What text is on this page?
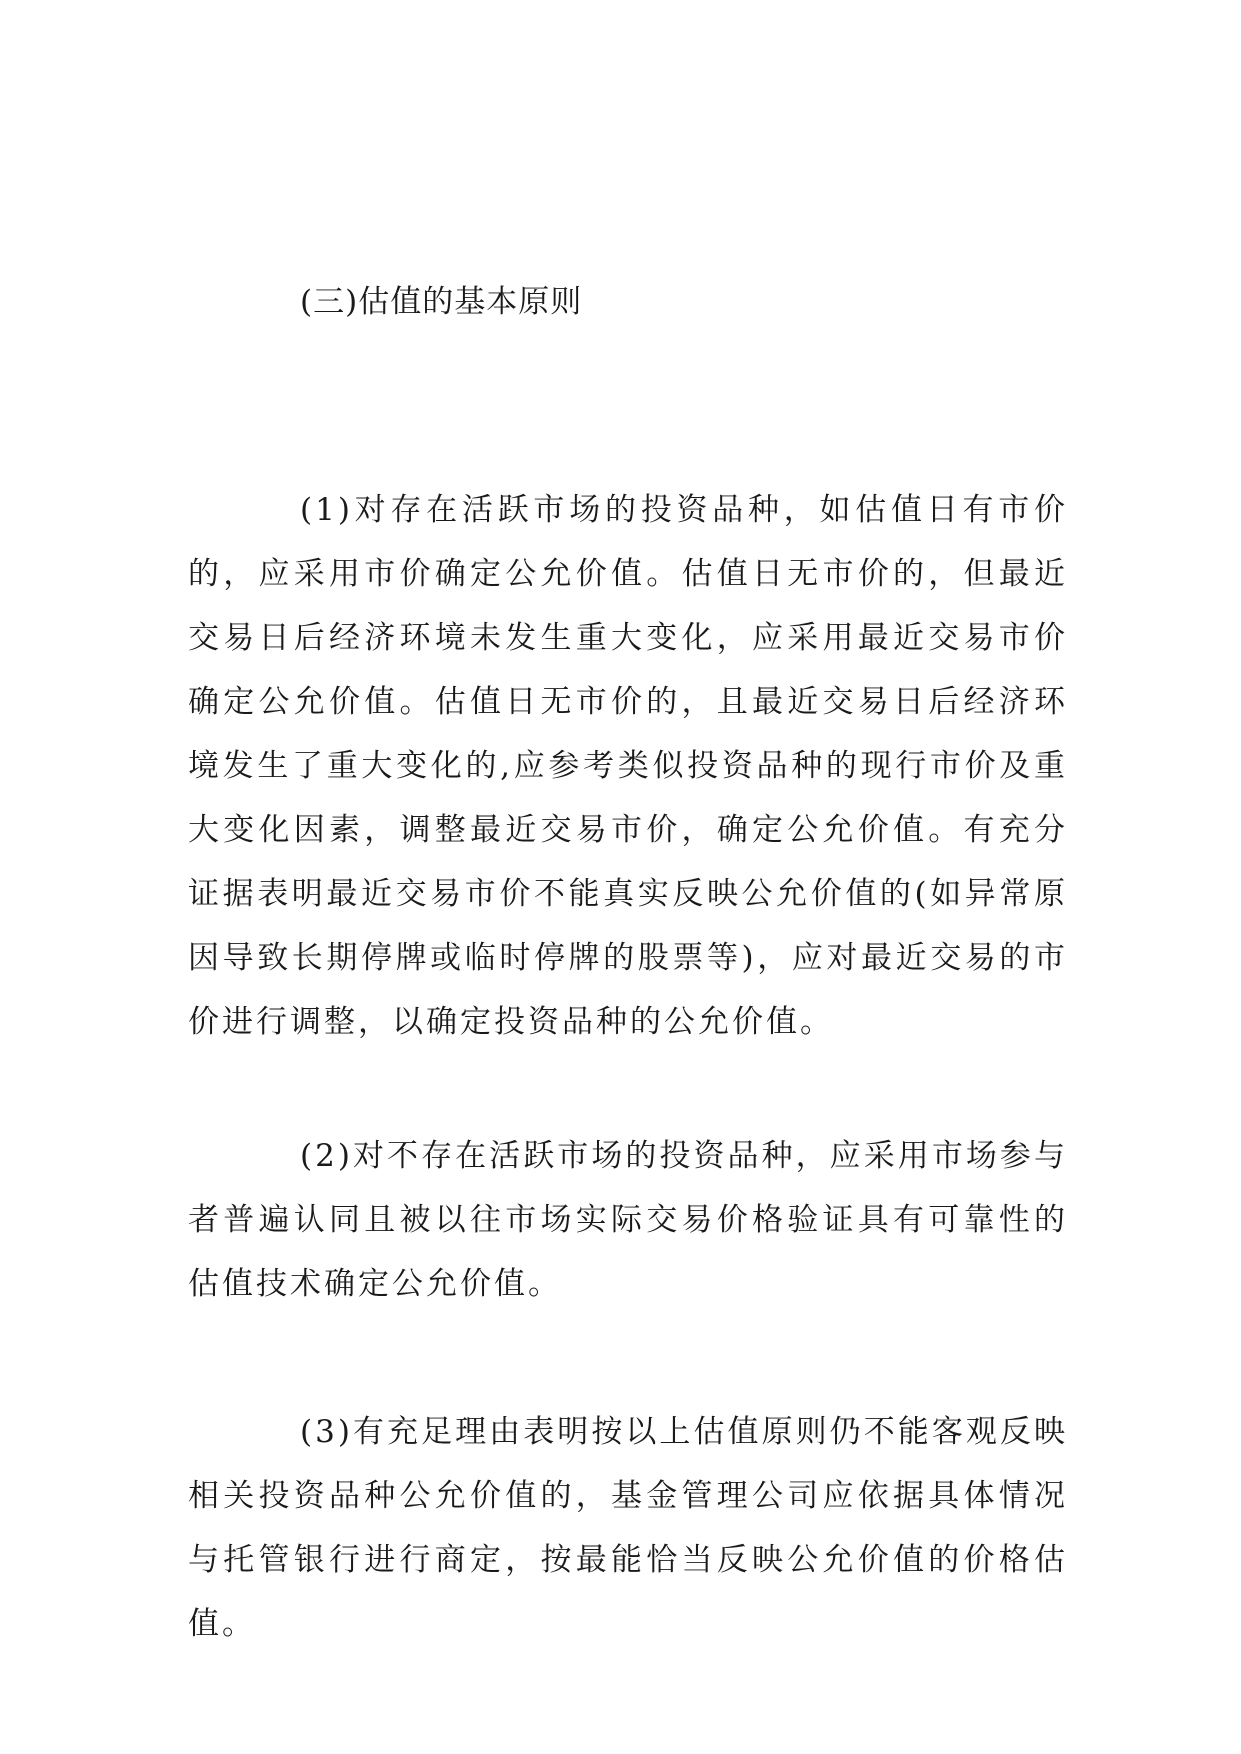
(三)估值的基本原则

(1)对存在活跃市场的投资品种，如估值日有市价的，应采用市价确定公允价值。估值日无市价的，但最近交易日后经济环境未发生重大变化，应采用最近交易市价确定公允价值。估值日无市价的，且最近交易日后经济环境发生了重大变化的,应参考类似投资品种的现行市价及重大变化因素，调整最近交易市价，确定公允价值。有充分证据表明最近交易市价不能真实反映公允价值的(如异常原因导致长期停牌或临时停牌的股票等)，应对最近交易的市价进行调整，以确定投资品种的公允价值。

(2)对不存在活跃市场的投资品种，应采用市场参与者普遍认同且被以往市场实际交易价格验证具有可靠性的估值技术确定公允价值。

(3)有充足理由表明按以上估值原则仍不能客观反映相关投资品种公允价值的，基金管理公司应依据具体情况与托管银行进行商定，按最能恰当反映公允价值的价格估值。
